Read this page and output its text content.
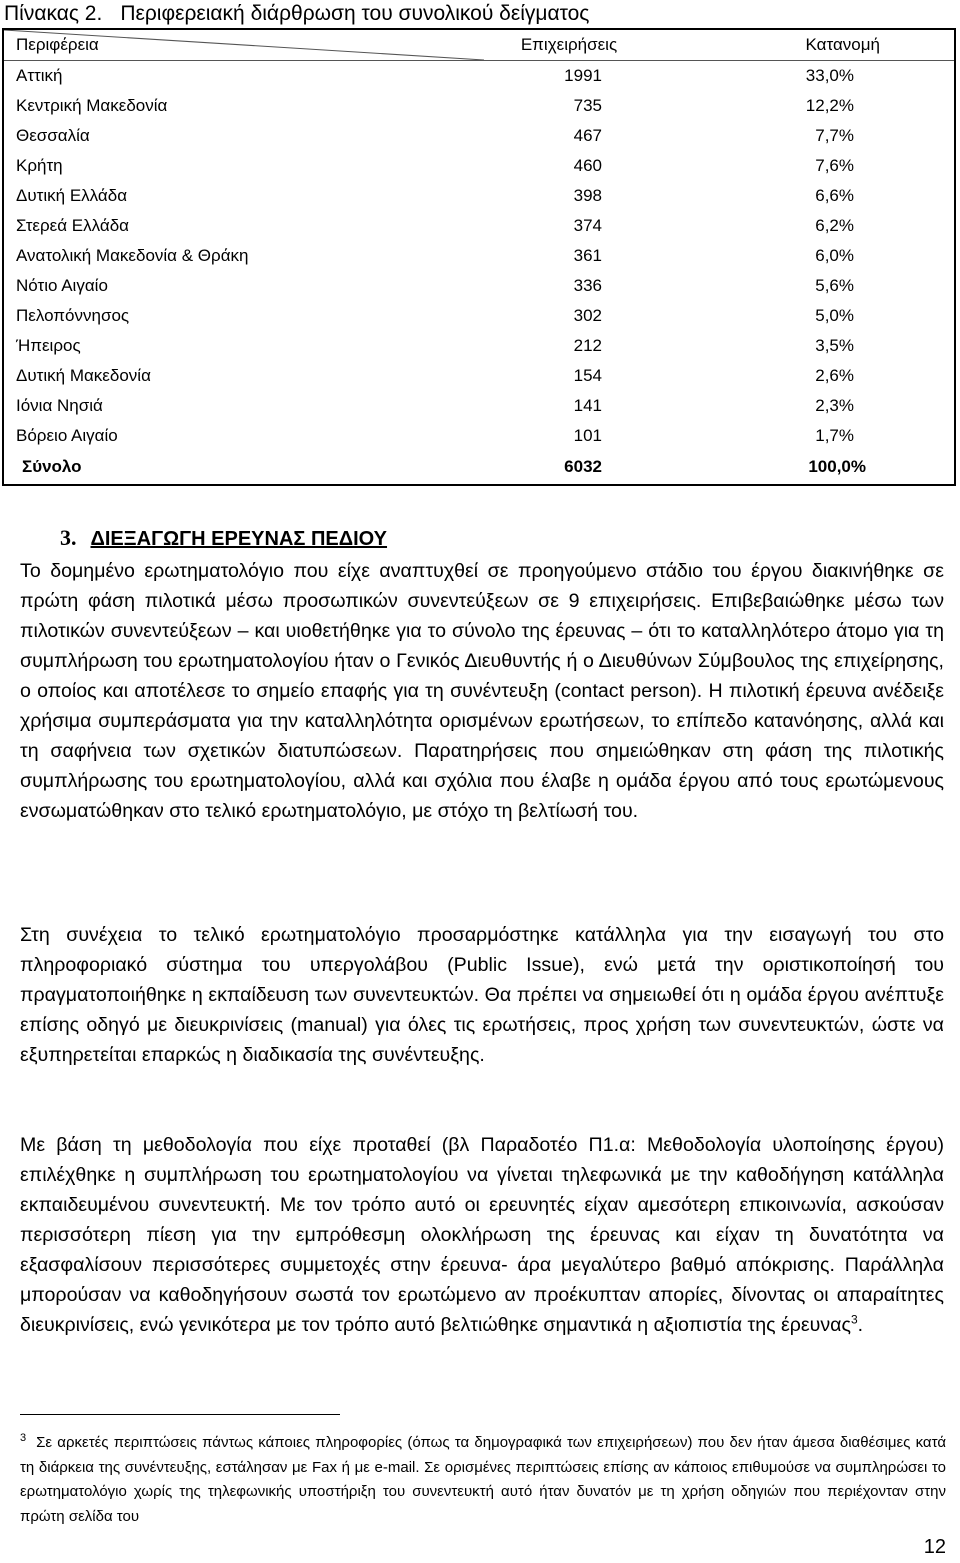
Πίνακας 2. Περιφερειακή διάρθρωση του συνολικού δείγματος
Περιφέρεια	Επιχειρήσεις	Κατανομή
Αττική	1991	33,0%
Κεντρική Μακεδονία	735	12,2%
Θεσσαλία	467	7,7%
Κρήτη	460	7,6%
Δυτική Ελλάδα	398	6,6%
Στερεά Ελλάδα	374	6,2%
Ανατολική Μακεδονία & Θράκη	361	6,0%
Νότιο Αιγαίο	336	5,6%
Πελοπόννησος	302	5,0%
Ήπειρος	212	3,5%
Δυτική Μακεδονία	154	2,6%
Ιόνια Νησιά	141	2,3%
Βόρειο Αιγαίο	101	1,7%
Σύνολο	6032	100,0%
3. ΔΙΕΞΑΓΩΓΗ ΕΡΕΥΝΑΣ ΠΕΔΙΟΥ

Το δομημένο ερωτηματολόγιο που είχε αναπτυχθεί σε προηγούμενο στάδιο του έργου διακινήθηκε σε πρώτη φάση πιλοτικά μέσω προσωπικών συνεντεύξεων σε 9 επιχειρήσεις. Επιβεβαιώθηκε μέσω των πιλοτικών συνεντεύξεων – και υιοθετήθηκε για το σύνολο της έρευνας – ότι το καταλληλότερο άτομο για τη συμπλήρωση του ερωτηματολογίου ήταν ο Γενικός Διευθυντής ή ο Διευθύνων Σύμβουλος της επιχείρησης, ο οποίος και αποτέλεσε το σημείο επαφής για τη συνέντευξη (contact person). Η πιλοτική έρευνα ανέδειξε χρήσιμα συμπεράσματα για την καταλληλότητα ορισμένων ερωτήσεων, το επίπεδο κατανόησης, αλλά και τη σαφήνεια των σχετικών διατυπώσεων. Παρατηρήσεις που σημειώθηκαν στη φάση της πιλοτικής συμπλήρωσης του ερωτηματολογίου, αλλά και σχόλια που έλαβε η ομάδα έργου από τους ερωτώμενους ενσωματώθηκαν στο τελικό ερωτηματολόγιο, με στόχο τη βελτίωσή του.

Στη συνέχεια το τελικό ερωτηματολόγιο προσαρμόστηκε κατάλληλα για την εισαγωγή του στο πληροφοριακό σύστημα του υπεργολάβου (Public Issue), ενώ μετά την οριστικοποίησή του πραγματοποιήθηκε η εκπαίδευση των συνεντευκτών. Θα πρέπει να σημειωθεί ότι η ομάδα έργου ανέπτυξε επίσης οδηγό με διευκρινίσεις (manual) για όλες τις ερωτήσεις, προς χρήση των συνεντευκτών, ώστε να εξυπηρετείται επαρκώς η διαδικασία της συνέντευξης.

Με βάση τη μεθοδολογία που είχε προταθεί (βλ Παραδοτέο Π1.α: Μεθοδολογία υλοποίησης έργου) επιλέχθηκε η συμπλήρωση του ερωτηματολογίου να γίνεται τηλεφωνικά με την καθοδήγηση κατάλληλα εκπαιδευμένου συνεντευκτή. Με τον τρόπο αυτό οι ερευνητές είχαν αμεσότερη επικοινωνία, ασκούσαν περισσότερη πίεση για την εμπρόθεσμη ολοκλήρωση της έρευνας και είχαν τη δυνατότητα να εξασφαλίσουν περισσότερες συμμετοχές στην έρευνα- άρα μεγαλύτερο βαθμό απόκρισης. Παράλληλα μπορούσαν να καθοδηγήσουν σωστά τον ερωτώμενο αν προέκυπταν απορίες, δίνοντας οι απαραίτητες διευκρινίσεις, ενώ γενικότερα με τον τρόπο αυτό βελτιώθηκε σημαντικά η αξιοπιστία της έρευνας$^3$.

$^3$ Σε αρκετές περιπτώσεις πάντως κάποιες πληροφορίες (όπως τα δημογραφικά των επιχειρήσεων) που δεν ήταν άμεσα διαθέσιμες κατά τη διάρκεια της συνέντευξης, εστάλησαν με Fax ή με e-mail. Σε ορισμένες περιπτώσεις επίσης αν κάποιος επιθυμούσε να συμπληρώσει το ερωτηματολόγιο χωρίς της τηλεφωνικής υποστήριξη του συνεντευκτή αυτό ήταν δυνατόν με τη χρήση οδηγιών που περιέχονταν στην πρώτη σελίδα του
12
